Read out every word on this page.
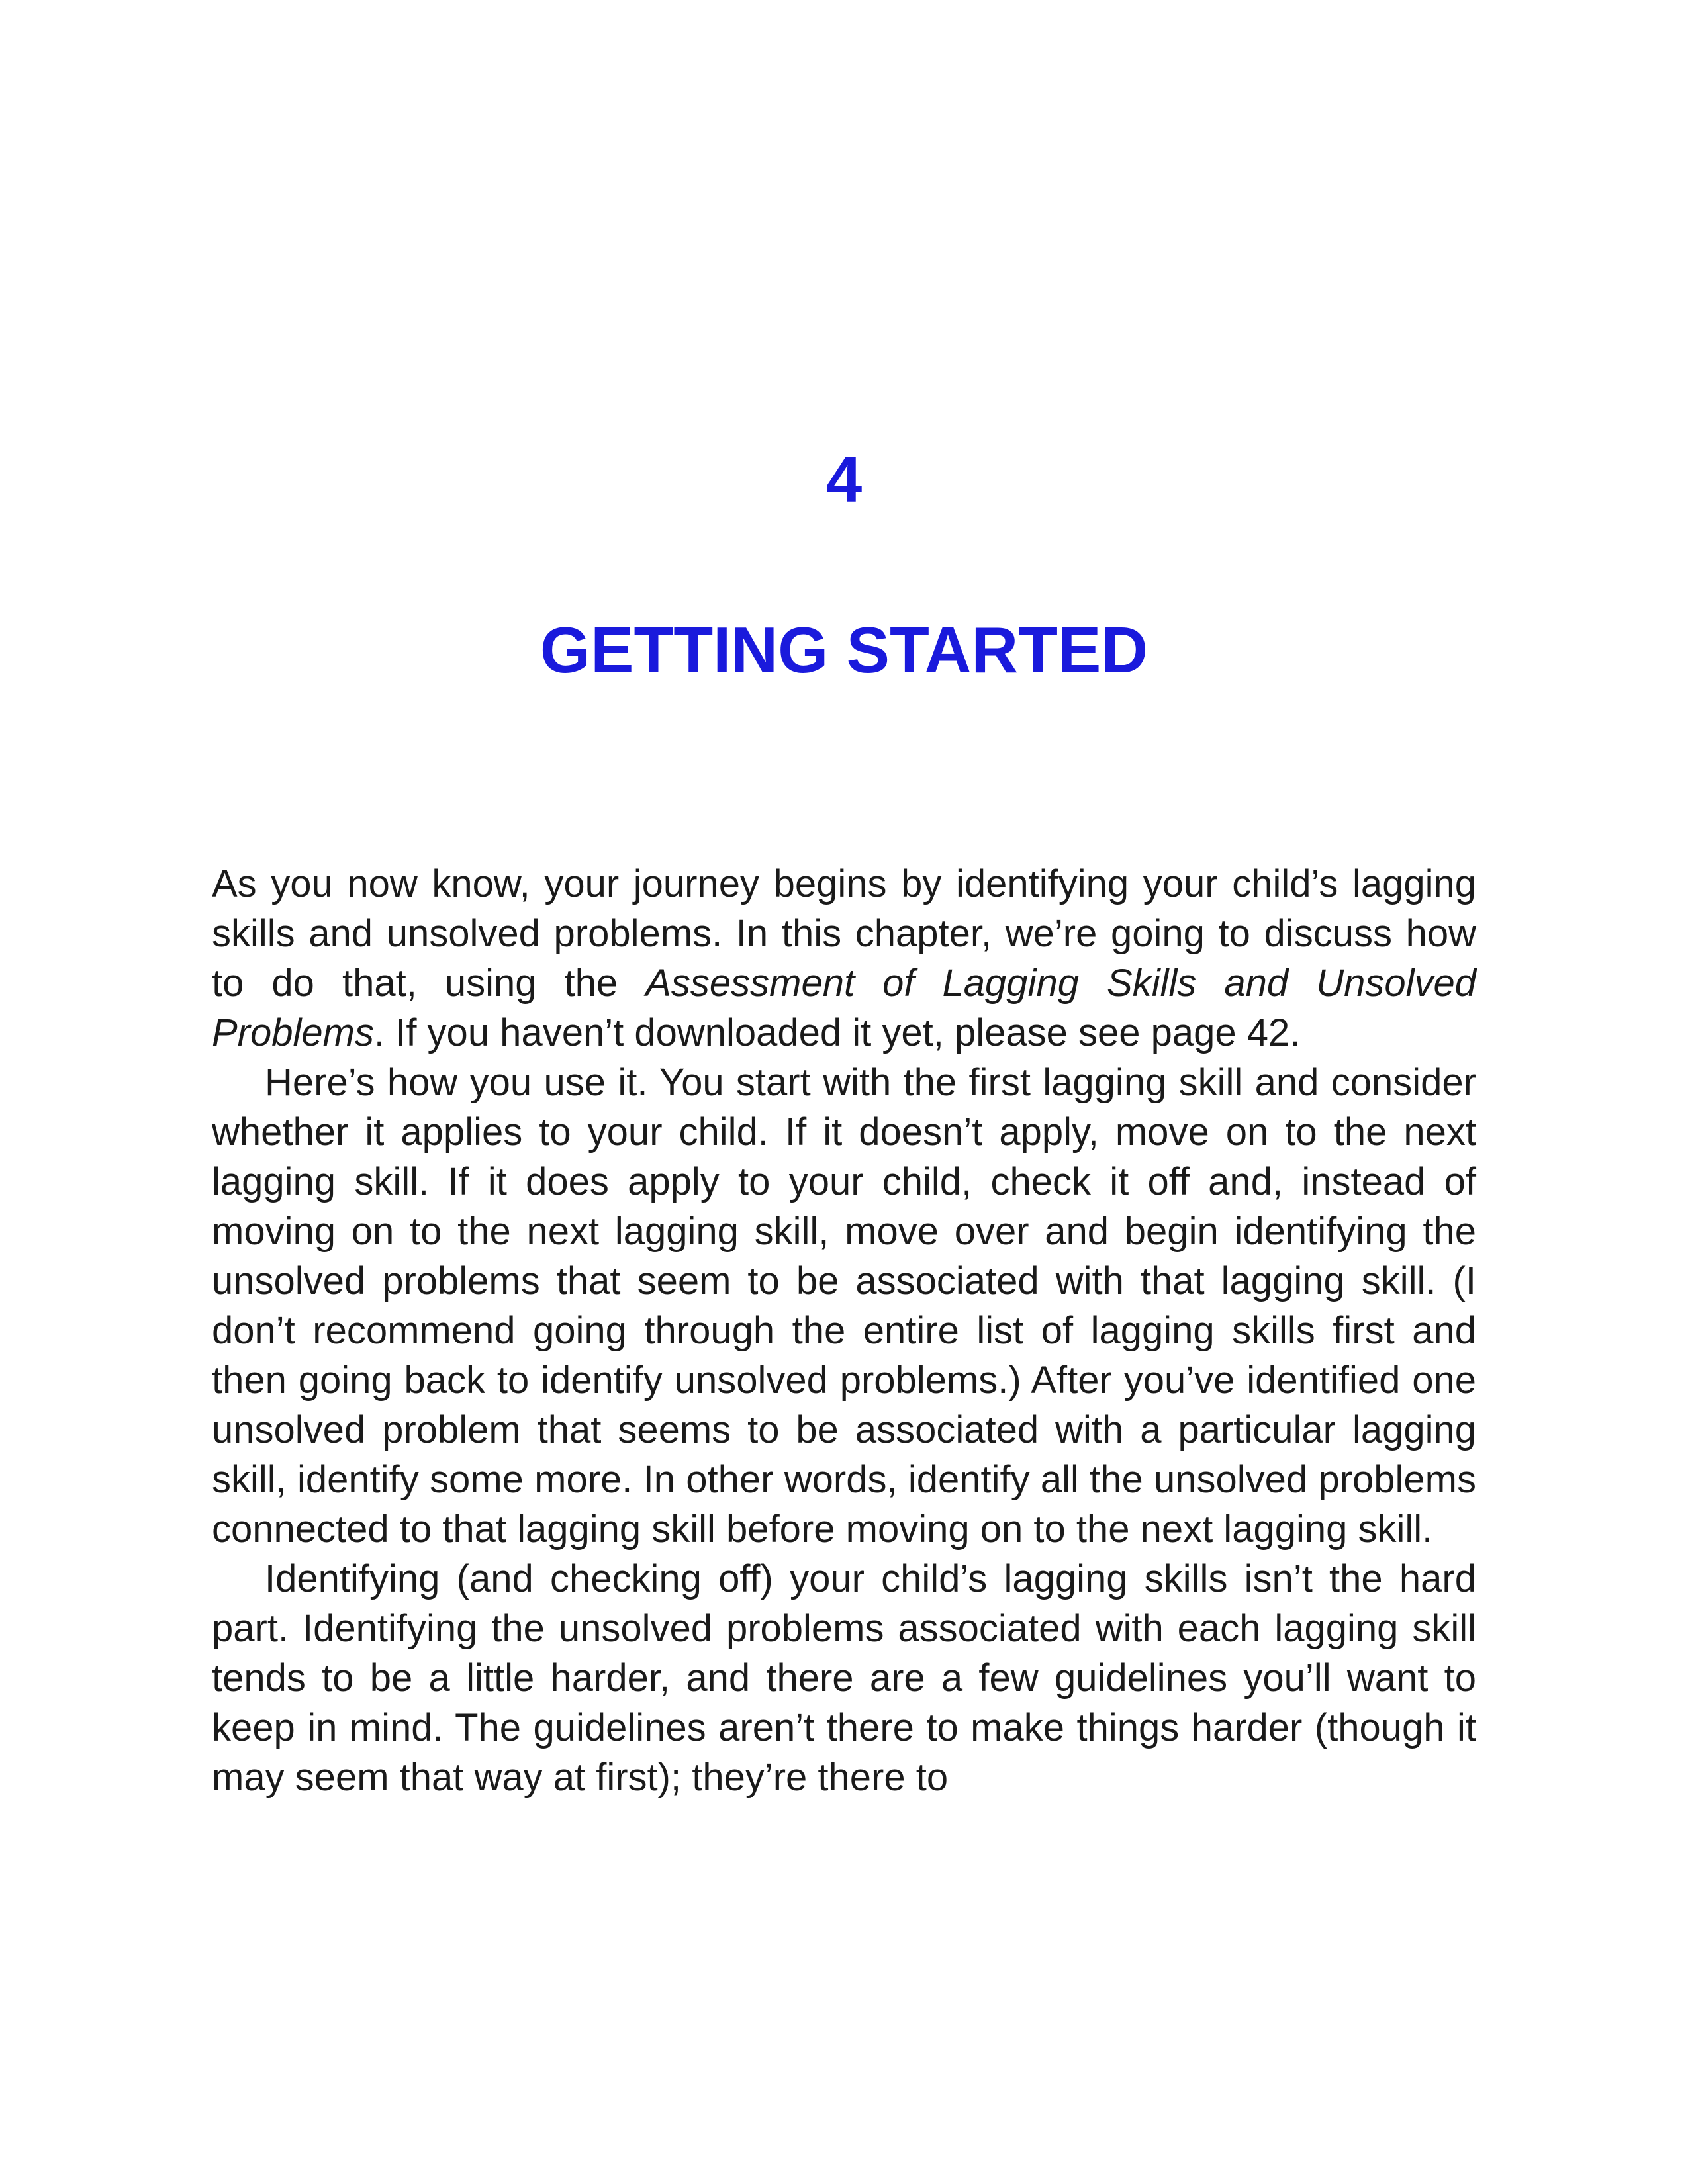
4
GETTING STARTED

As you now know, your journey begins by identifying your child’s lagging skills and unsolved problems. In this chapter, we’re going to discuss how to do that, using the Assessment of Lagging Skills and Unsolved Problems. If you haven’t downloaded it yet, please see page 42.

Here’s how you use it. You start with the first lagging skill and consider whether it applies to your child. If it doesn’t apply, move on to the next lagging skill. If it does apply to your child, check it off and, instead of moving on to the next lagging skill, move over and begin identifying the unsolved problems that seem to be associated with that lagging skill. (I don’t recommend going through the entire list of lagging skills first and then going back to identify unsolved problems.) After you’ve identified one unsolved problem that seems to be associated with a particular lagging skill, identify some more. In other words, identify all the unsolved problems connected to that lagging skill before moving on to the next lagging skill.

Identifying (and checking off) your child’s lagging skills isn’t the hard part. Identifying the unsolved problems associated with each lagging skill tends to be a little harder, and there are a few guidelines you’ll want to keep in mind. The guidelines aren’t there to make things harder (though it may seem that way at first); they’re there to
